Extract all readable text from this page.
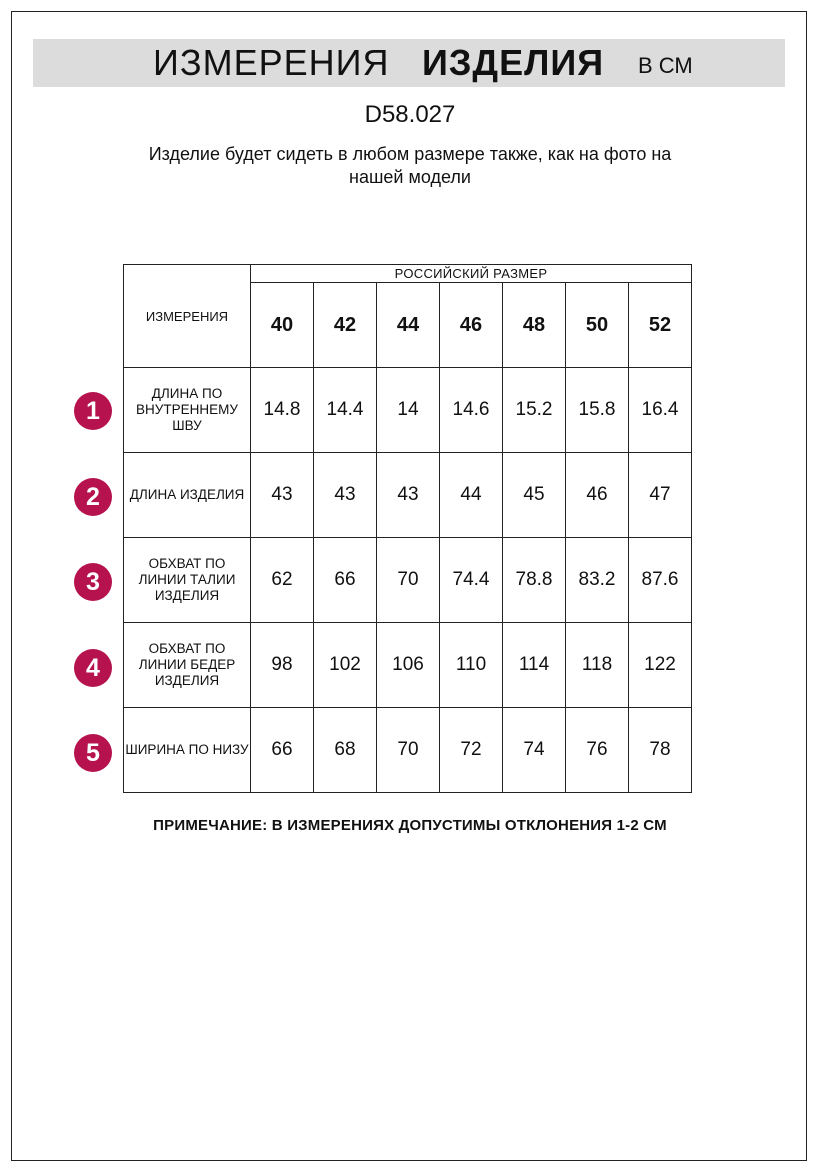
ИЗМЕРЕНИЯ ИЗДЕЛИЯ В СМ
D58.027
Изделие будет сидеть в любом размере также, как на фото на нашей модели
ИЗМЕРЕНИЯ	РОССИЙСКИЙ РАЗМЕР						
	40	42	44	46	48	50	52
ДЛИНА ПО ВНУТРЕННЕМУ ШВУ	14.8	14.4	14	14.6	15.2	15.8	16.4
ДЛИНА ИЗДЕЛИЯ	43	43	43	44	45	46	47
ОБХВАТ ПО ЛИНИИ ТАЛИИ ИЗДЕЛИЯ	62	66	70	74.4	78.8	83.2	87.6
ОБХВАТ ПО ЛИНИИ БЕДЕР ИЗДЕЛИЯ	98	102	106	110	114	118	122
ШИРИНА ПО НИЗУ	66	68	70	72	74	76	78
1
2
3
4
5
ПРИМЕЧАНИЕ: В ИЗМЕРЕНИЯХ ДОПУСТИМЫ ОТКЛОНЕНИЯ 1-2 СМ
